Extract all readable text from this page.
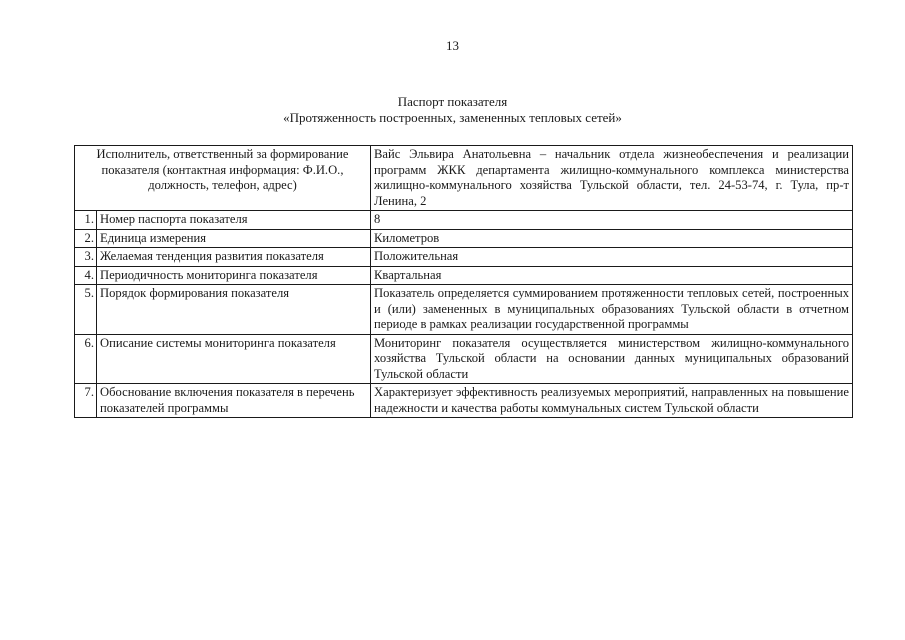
13
Паспорт показателя
«Протяженность построенных, замененных тепловых сетей»
Исполнитель, ответственный за формирование показателя (контактная информация: Ф.И.О., должность, телефон, адрес)		Вайс Эльвира Анатольевна – начальник отдела жизнеобеспечения и реализации программ ЖКК департамента жилищно-коммунального комплекса министерства жилищно-коммунального хозяйства Тульской области, тел. 24-53-74, г. Тула, пр-т Ленина, 2
1.	Номер паспорта показателя	8
2.	Единица измерения	Километров
3.	Желаемая тенденция развития показателя	Положительная
4.	Периодичность мониторинга показателя	Квартальная
5.	Порядок формирования показателя	Показатель определяется суммированием протяженности тепловых сетей, построенных и (или) замененных в муниципальных образованиях Тульской области в отчетном периоде в рамках реализации государственной программы
6.	Описание системы мониторинга показателя	Мониторинг показателя осуществляется министерством жилищно-коммунального хозяйства Тульской области на основании данных муниципальных образований Тульской области
7.	Обоснование включения показателя в перечень показателей программы	Характеризует эффективность реализуемых мероприятий, направленных на повышение надежности и качества работы коммунальных систем Тульской области
